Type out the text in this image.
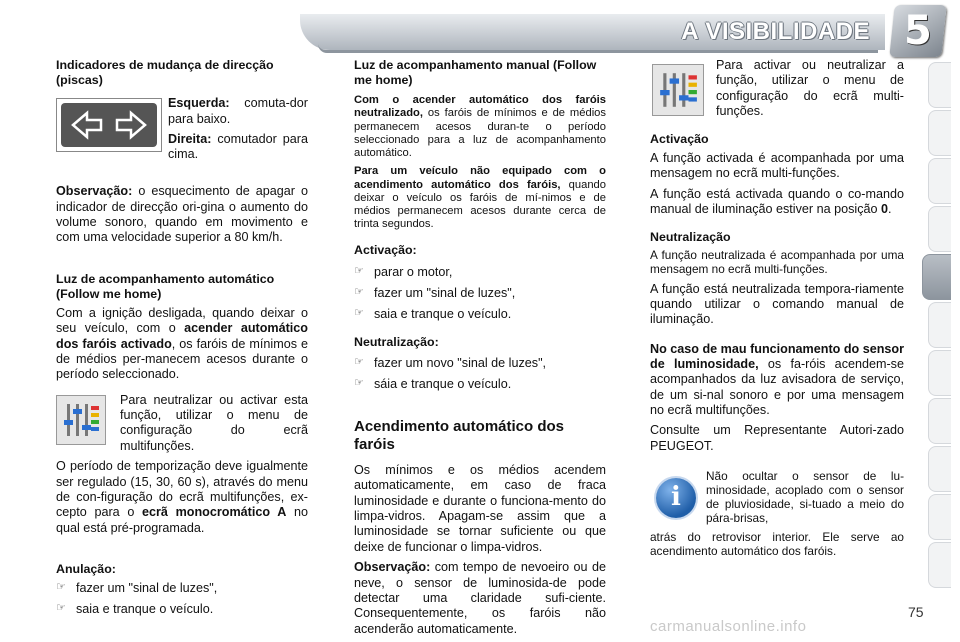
A VISIBILIDADE 5
Indicadores de mudança de direcção (piscas)

Esquerda: comuta-dor para baixo.

Direita: comutador para cima.

Observação: o esquecimento de apagar o indicador de direcção ori-gina o aumento do volume sonoro, quando em movimento e com uma velocidade superior a 80 km/h.

Luz de acompanhamento automático (Follow me home)

Com a ignição desligada, quando deixar o seu veículo, com o acender automático dos faróis activado, os faróis de mínimos e de médios per-manecem acesos durante o período seleccionado.

Para neutralizar ou activar esta função, utilizar o menu de configuração do ecrã multifunções.

O período de temporização deve igualmente ser regulado (15, 30, 60 s), através do menu de con-figuração do ecrã multifunções, ex-cepto para o ecrã monocromático A no qual está pré-programada.

Anulação:
☞ fazer um "sinal de luzes",
☞ saia e tranque o veículo.
Luz de acompanhamento manual (Follow me home)

Com o acender automático dos faróis neutralizado, os faróis de mínimos e de médios permanecem acesos duran-te o período seleccionado para a luz de acompanhamento automático.

Para um veículo não equipado com o acendimento automático dos faróis, quando deixar o veículo os faróis de mí-nimos e de médios permanecem acesos durante cerca de trinta segundos.

Activação:
☞ parar o motor,
☞ fazer um "sinal de luzes",
☞ saia e tranque o veículo.
Neutralização:
☞ fazer um novo "sinal de luzes",
☞ sáia e tranque o veículo.
Acendimento automático dos faróis

Os mínimos e os médios acendem automaticamente, em caso de fraca luminosidade e durante o funciona-mento do limpa-vidros. Apagam-se assim que a luminosidade se tornar suficiente ou que deixe de funcionar o limpa-vidros.

Observação: com tempo de nevoeiro ou de neve, o sensor de luminosida-de pode detectar uma claridade sufi-ciente. Consequentemente, os faróis não acenderão automaticamente.

Para activar ou neutralizar a função, utilizar o menu de configuração do ecrã multi-funções.

Activação

A função activada é acompanhada por uma mensagem no ecrã multi-funções.

A função está activada quando o co-mando manual de iluminação estiver na posição 0.

Neutralização

A função neutralizada é acompanhada por uma mensagem no ecrã multi-funções.

A função está neutralizada tempora-riamente quando utilizar o comando manual de iluminação.

No caso de mau funcionamento do sensor de luminosidade, os fa-róis acendem-se acompanhados da luz avisadora de serviço, de um si-nal sonoro e por uma mensagem no ecrã multifunções.

Consulte um Representante Autori-zado PEUGEOT.

i

Não ocultar o sensor de lu-minosidade, acoplado com o sensor de pluviosidade, si-tuado a meio do pára-brisas,

atrás do retrovisor interior. Ele serve ao acendimento automático dos faróis.

carmanualsonline.info
75
